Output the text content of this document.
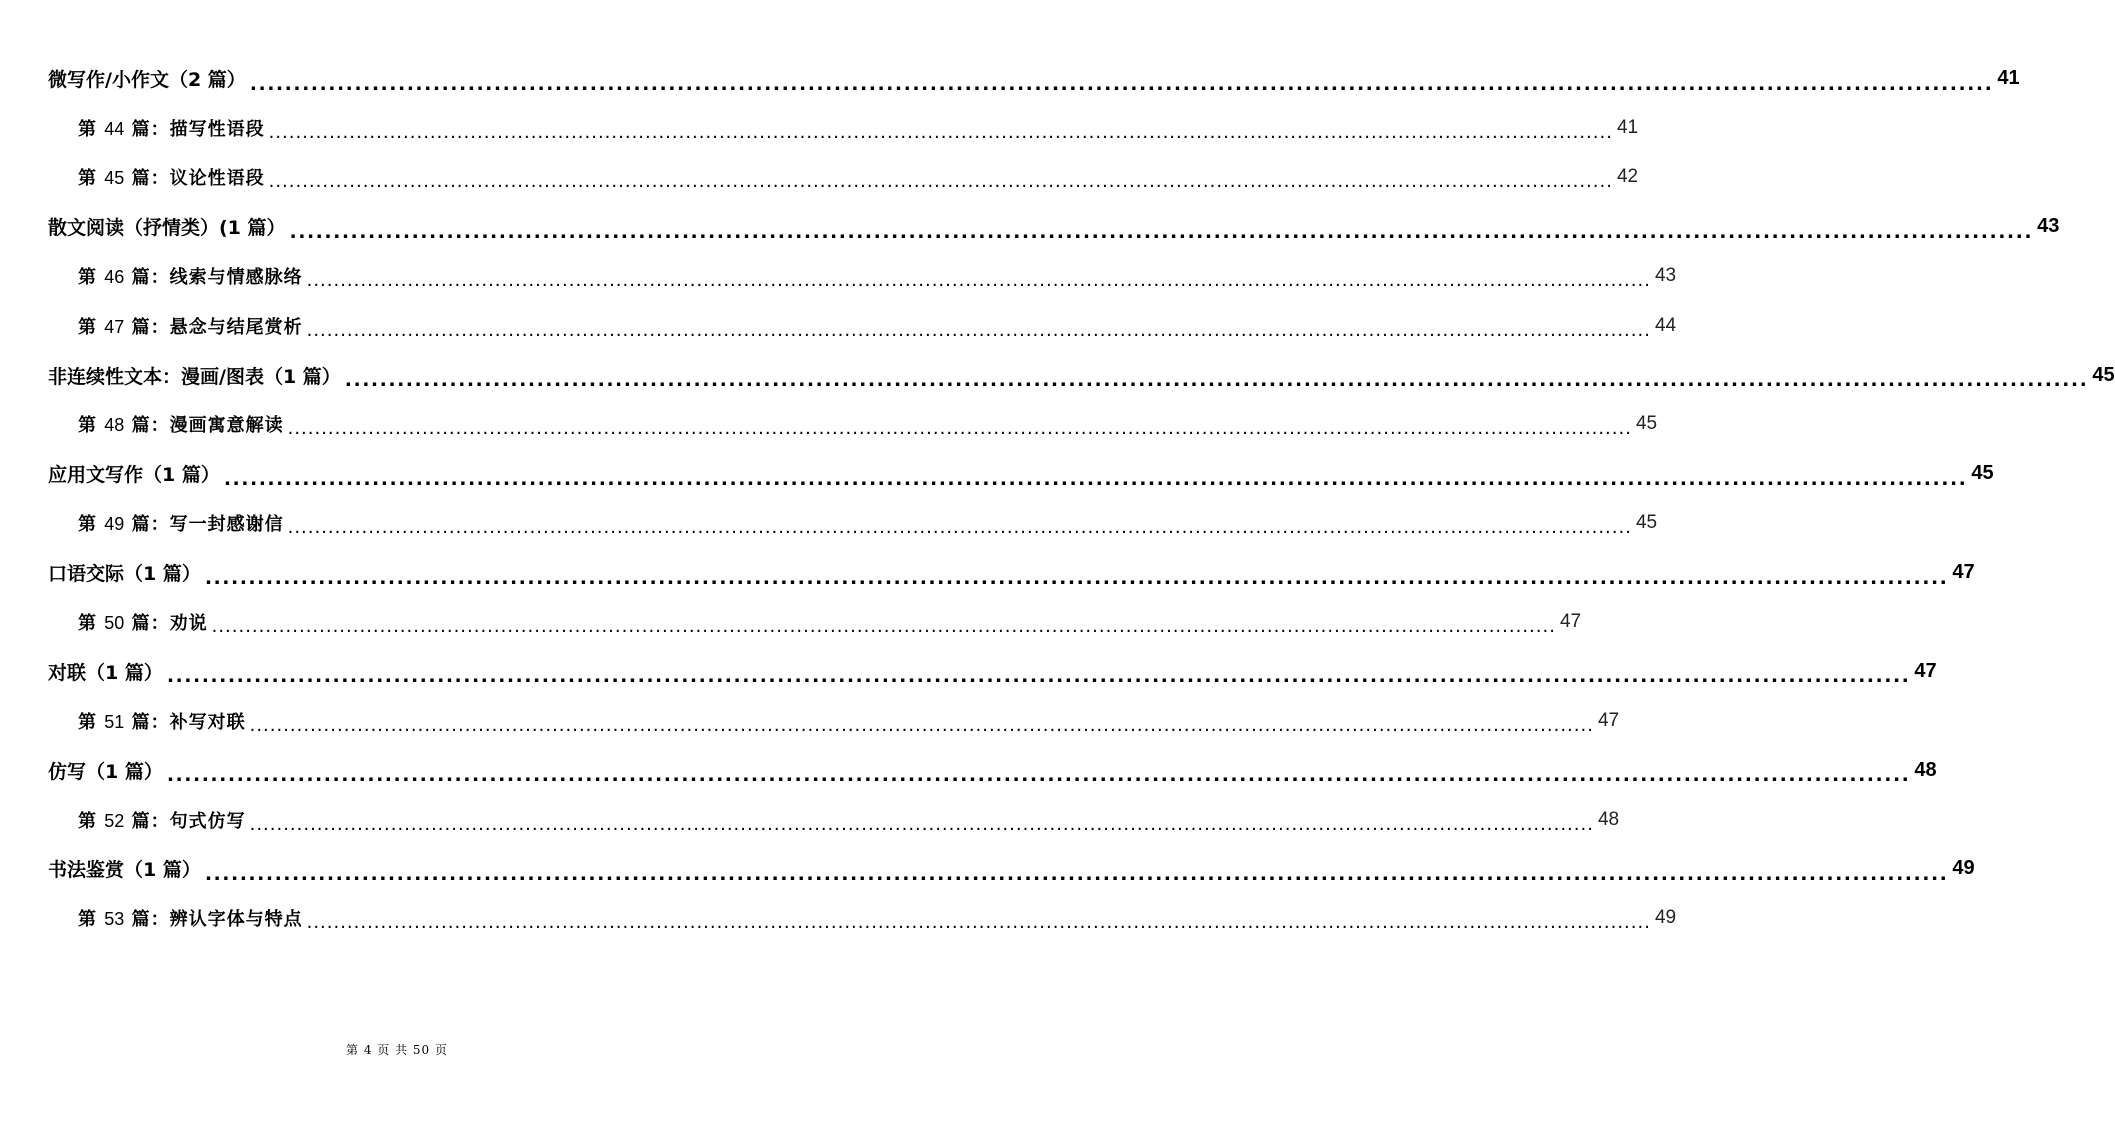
微写作/小作文（2 篇） ........................................................................................................................................................................................................ 41
第 44 篇：描写性语段 ........................................................................................................................................................................................................ 41
第 45 篇：议论性语段 ........................................................................................................................................................................................................ 42
散文阅读（抒情类）(1 篇） ........................................................................................................................................................................................................ 43
第 46 篇：线索与情感脉络 ........................................................................................................................................................................................................ 43
第 47 篇：悬念与结尾赏析 ........................................................................................................................................................................................................ 44
非连续性文本：漫画/图表（1 篇） ........................................................................................................................................................................................................ 45
第 48 篇：漫画寓意解读 ........................................................................................................................................................................................................ 45
应用文写作（1 篇） ........................................................................................................................................................................................................ 45
第 49 篇：写一封感谢信 ........................................................................................................................................................................................................ 45
口语交际（1 篇） ........................................................................................................................................................................................................ 47
第 50 篇：劝说 ........................................................................................................................................................................................................ 47
对联（1 篇） ........................................................................................................................................................................................................ 47
第 51 篇：补写对联 ........................................................................................................................................................................................................ 47
仿写（1 篇） ........................................................................................................................................................................................................ 48
第 52 篇：句式仿写 ........................................................................................................................................................................................................ 48
书法鉴赏（1 篇） ........................................................................................................................................................................................................ 49
第 53 篇：辨认字体与特点 ........................................................................................................................................................................................................ 49
第 4 页 共 50 页
